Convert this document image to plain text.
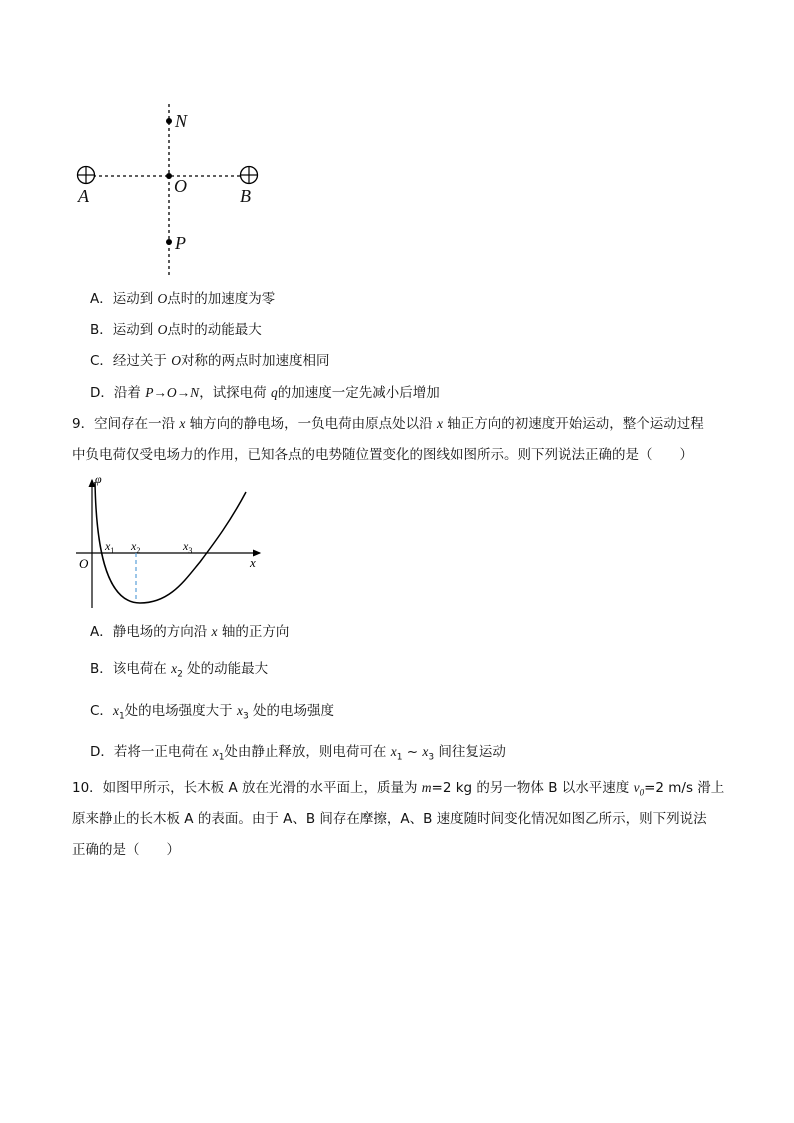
N
O
A	B
P
A．运动到 O点时的加速度为零
B．运动到 O点时的动能最大
C．经过关于 O对称的两点时加速度相同
D．沿着 P→O→N，试探电荷 q的加速度一定先减小后增加
9．空间存在一沿 x 轴方向的静电场，一负电荷由原点处以沿 x 轴正方向的初速度开始运动，整个运动过程
中负电荷仅受电场力的作用，已知各点的电势随位置变化的图线如图所示。则下列说法正确的是（　　）
φ
O	x
$x_1$ $x_2$	$x_3$
A．静电场的方向沿 x 轴的正方向
B．该电荷在 $x_2$ 处的动能最大
C．$x_1$处的电场强度大于 $x_3$ 处的电场强度
D．若将一正电荷在 $x_1$处由静止释放，则电荷可在 $x_1$ ~ $x_3$ 间往复运动
10．如图甲所示，长木板 A 放在光滑的水平面上，质量为 m=2 kg 的另一物体 B 以水平速度 $v_0=2$ m/s 滑上
原来静止的长木板 A 的表面。由于 A、B 间存在摩擦，A、B 速度随时间变化情况如图乙所示，则下列说法
正确的是（　　）
